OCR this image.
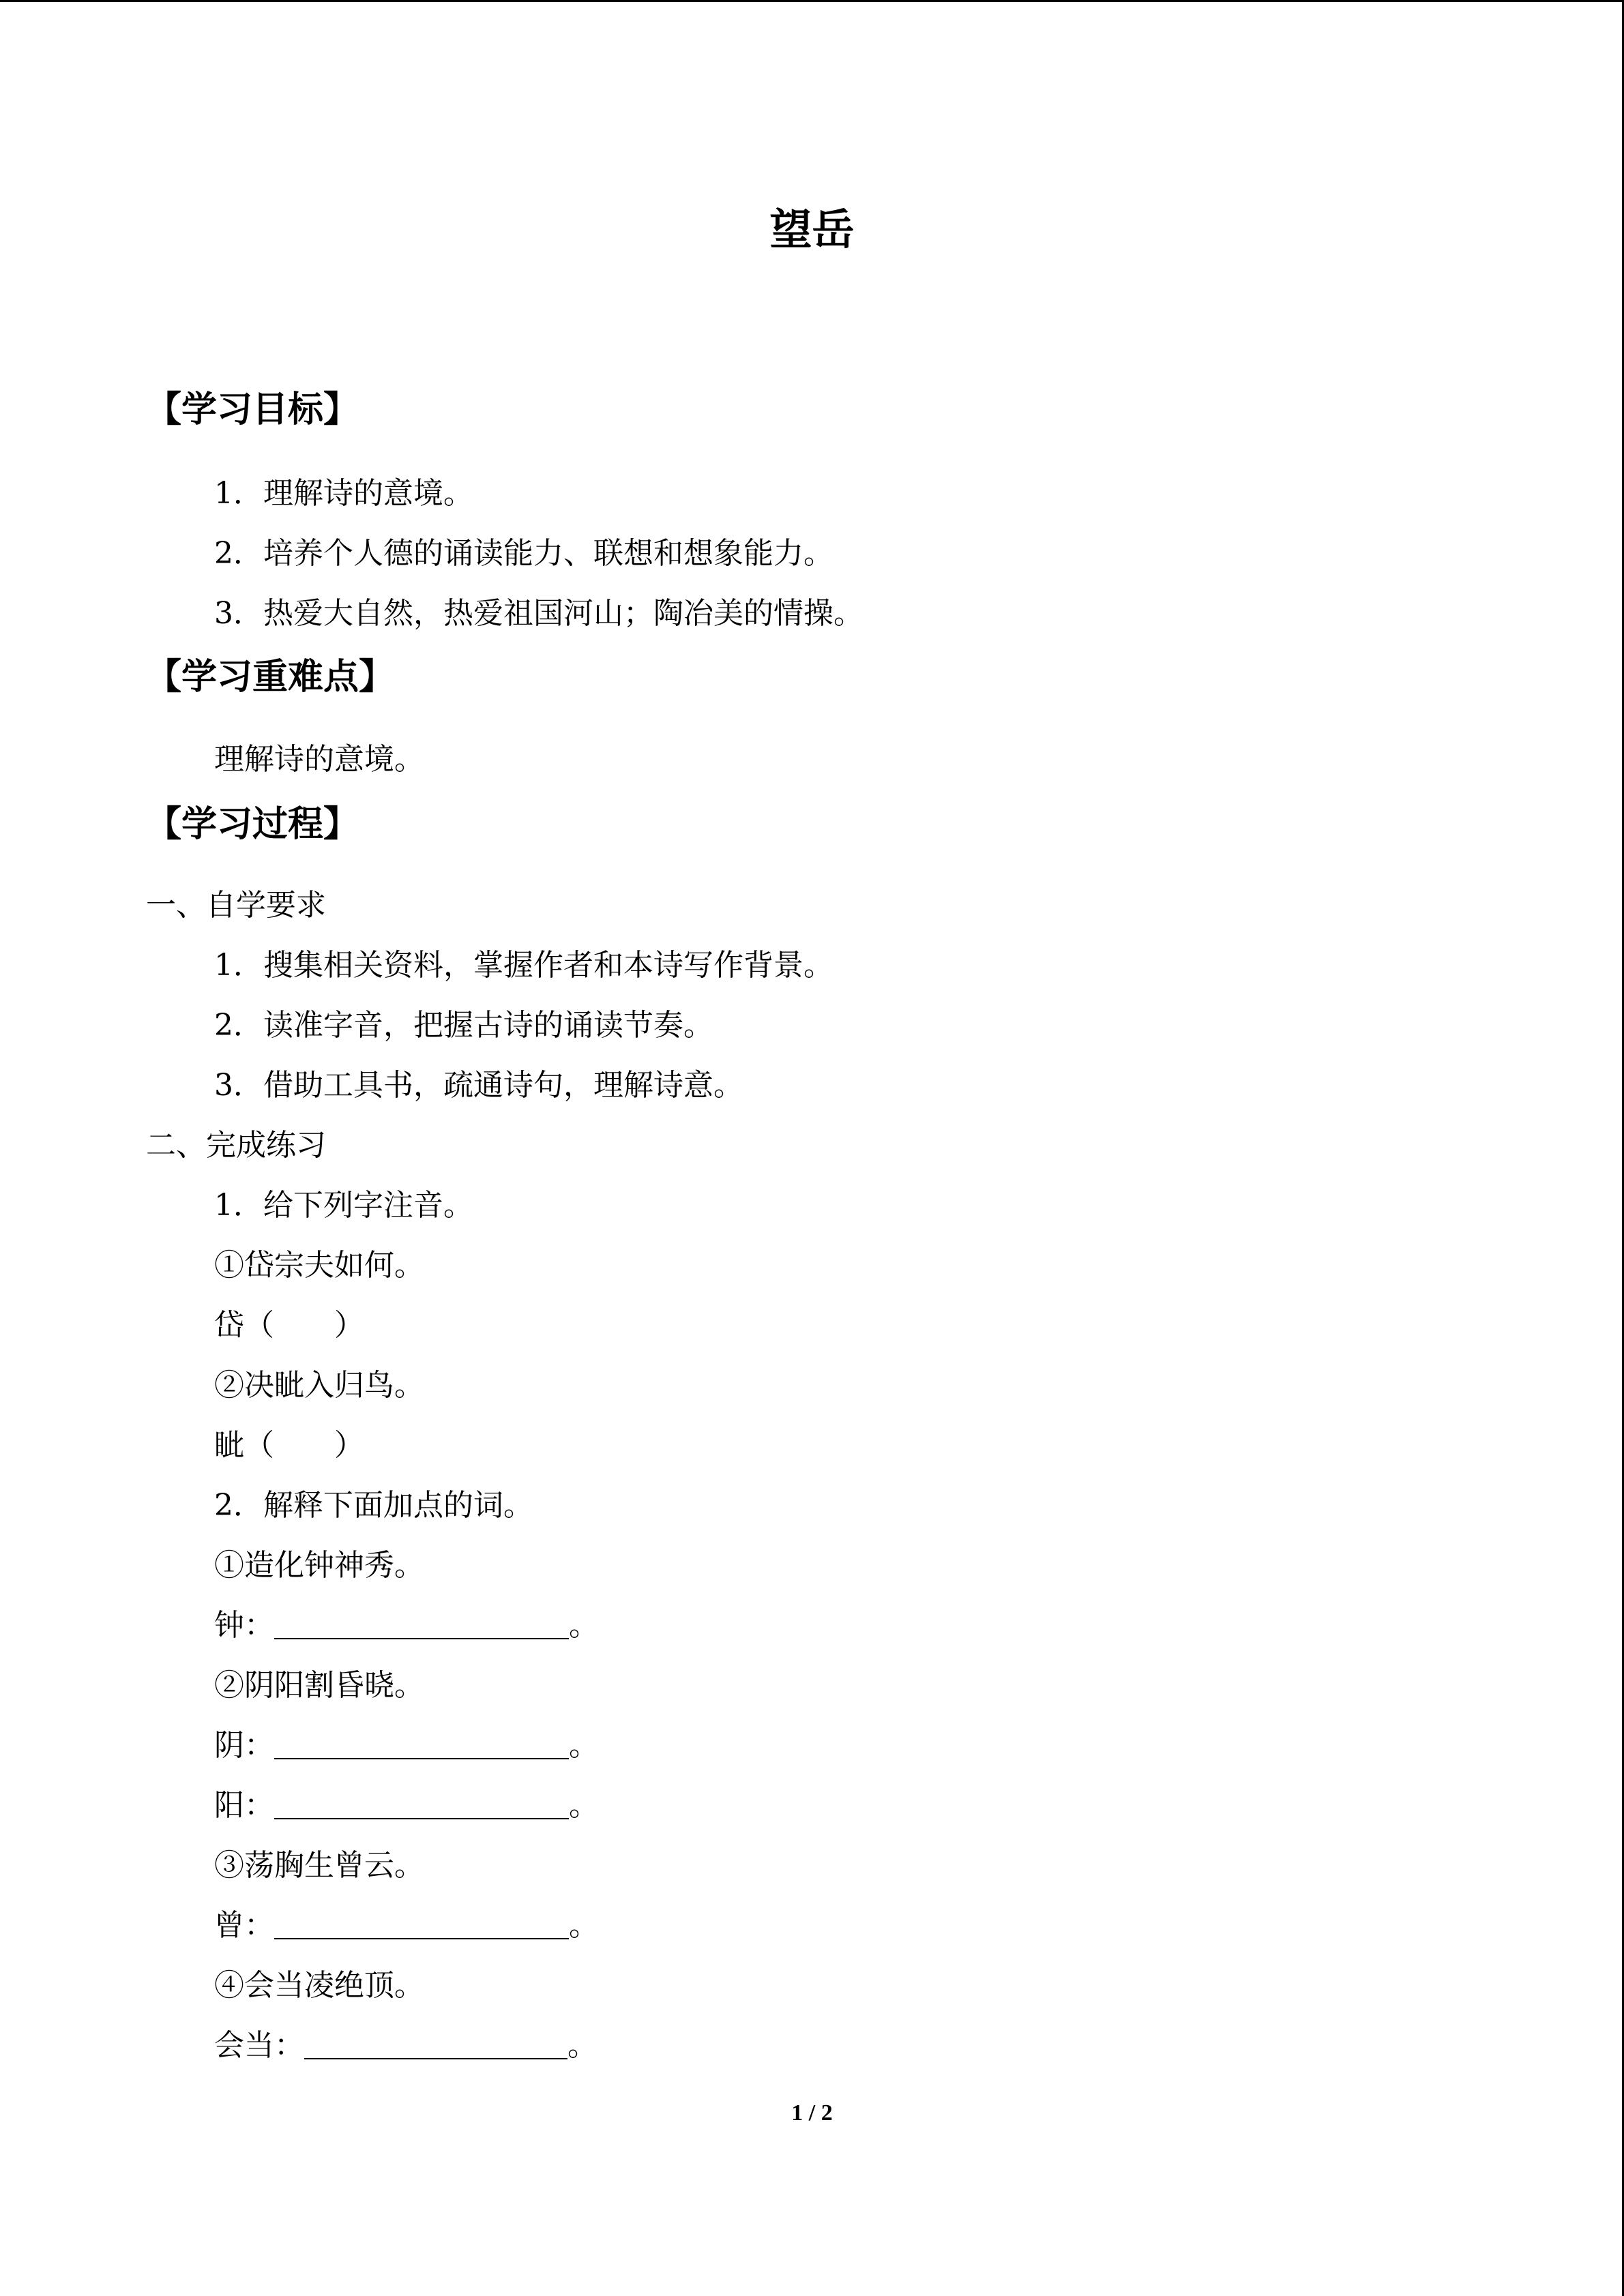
望岳
【学习目标】
1．理解诗的意境。
2．培养个人德的诵读能力、联想和想象能力。
3．热爱大自然，热爱祖国河山；陶冶美的情操。
【学习重难点】
理解诗的意境。
【学习过程】
一、自学要求
1．搜集相关资料，掌握作者和本诗写作背景。
2．读准字音，把握古诗的诵读节奏。
3．借助工具书，疏通诗句，理解诗意。
二、完成练习
1．给下列字注音。
①岱宗夫如何。
岱（　　）
②决眦入归鸟。
眦（　　）
2．解释下面加点的词。
①造化钟神秀。
钟：	。
②阴阳割昏晓。
阴：	。
阳：	。
③荡胸生曾云。
曾：	。
④会当凌绝顶。
会当：	。
1 / 2
